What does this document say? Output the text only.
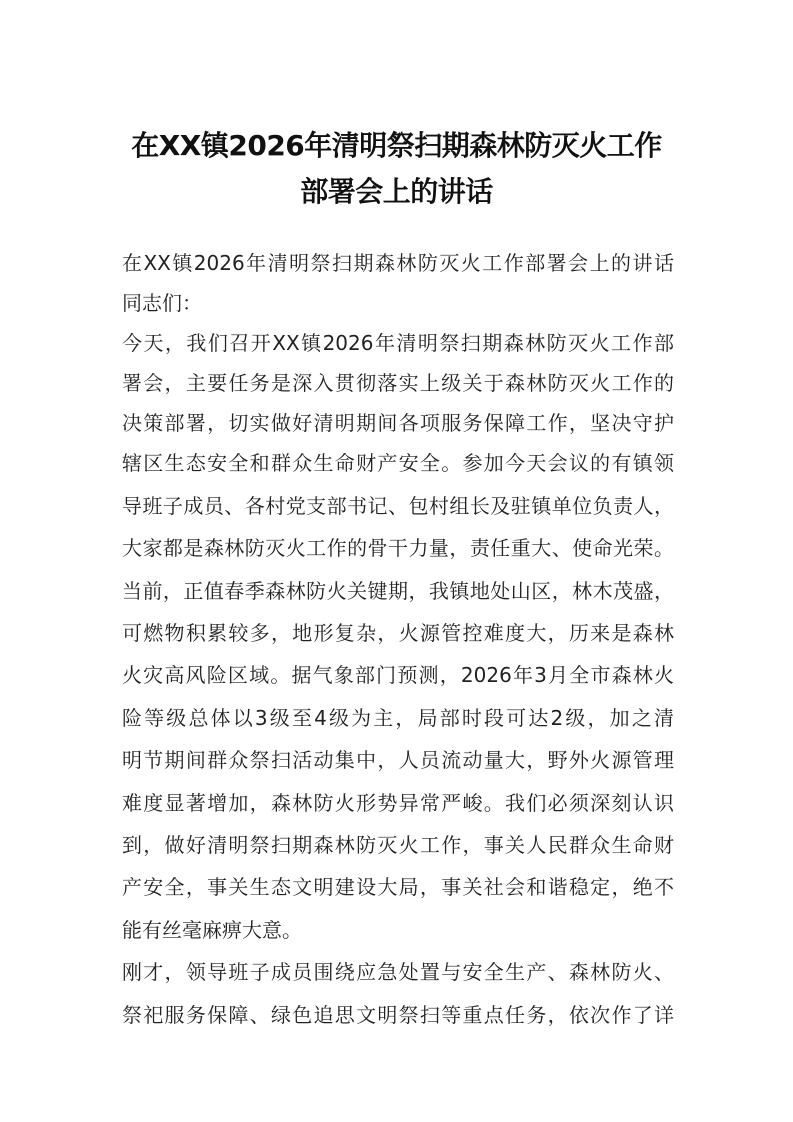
在XX镇2026年清明祭扫期森林防灭火工作
部署会上的讲话
在XX镇2026年清明祭扫期森林防灭火工作部署会上的讲话
同志们：
今天，我们召开XX镇2026年清明祭扫期森林防灭火工作部
署会，主要任务是深入贯彻落实上级关于森林防灭火工作的
决策部署，切实做好清明期间各项服务保障工作，坚决守护
辖区生态安全和群众生命财产安全。参加今天会议的有镇领
导班子成员、各村党支部书记、包村组长及驻镇单位负责人，
大家都是森林防灭火工作的骨干力量，责任重大、使命光荣。
当前，正值春季森林防火关键期，我镇地处山区，林木茂盛，
可燃物积累较多，地形复杂，火源管控难度大，历来是森林
火灾高风险区域。据气象部门预测，2026年3月全市森林火
险等级总体以3级至4级为主，局部时段可达2级，加之清
明节期间群众祭扫活动集中，人员流动量大，野外火源管理
难度显著增加，森林防火形势异常严峻。我们必须深刻认识
到，做好清明祭扫期森林防灭火工作，事关人民群众生命财
产安全，事关生态文明建设大局，事关社会和谐稳定，绝不
能有丝毫麻痹大意。
刚才，领导班子成员围绕应急处置与安全生产、森林防火、
祭祀服务保障、绿色追思文明祭扫等重点任务，依次作了详
